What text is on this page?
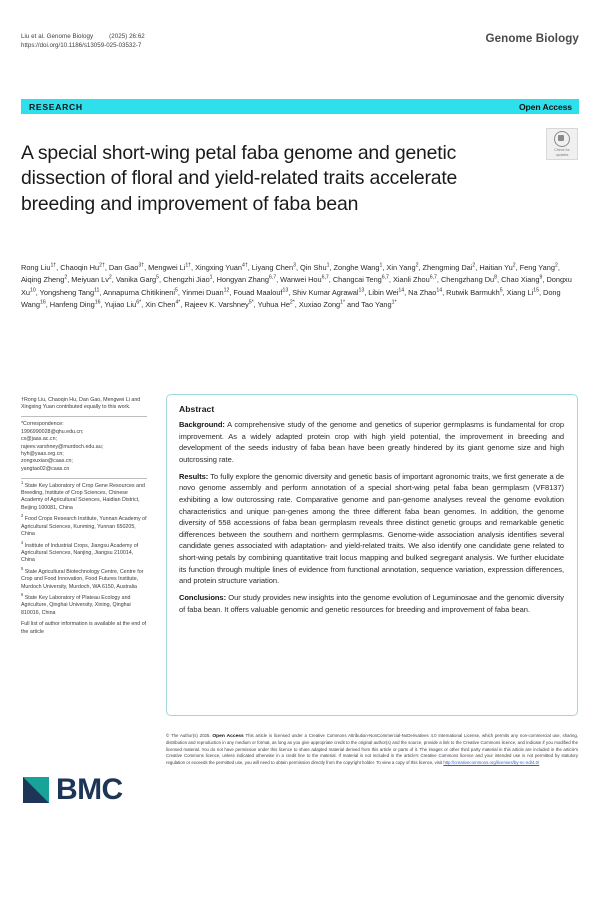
Liu et al. Genome Biology	(2025) 26:62
https://doi.org/10.1186/s13059-025-03532-7
Genome Biology
RESEARCH	Open Access
Check for
updates
A special short-wing petal faba genome and genetic dissection of floral and yield-related traits accelerate breeding and improvement of faba bean
Rong Liu$^{1\dagger}$, Chaoqin $Hu^{2\dagger}$, Dan Gao$^{3\dagger}$, Mengwei $Li^{1\dagger}$, Xingxing Yuan$^{4\dagger}$, Liyang Chen$^3$, Qin Shu$^1$, Zonghe Wang$^1$, Xin Yang$^2$, Zhengming Dai$^2$, Haitian Yu$^2$, Feng Yang$^2$, Aiqing Zheng$^2$, Meiyuan Lv$^2$, Vanika Garg$^5$, Chengzhi Jiao$^1$, Hongyan Zhang$^{6,7}$, Wanwei Hou$^{6,7}$, Changcai Teng$^{6,7}$, Xianli Zhou$^{6,7}$, Chengzhang Du$^8$, Chao Xiang$^9$, Dongxu Xu$^{10}$, Yongsheng Tang$^{11}$, Annapurna Chitikineni$^5$, Yinmei Duan$^{12}$, Fouad Maalouf$^{13}$, Shiv Kumar Agrawal$^{13}$, Libin Wei$^{14}$, Na Zhao$^{14}$, Rutwik Barmukh$^5$, Xiang Li$^{15}$, Dong Wang$^{16}$, Hanfeng Ding$^{16}$, Yujiao Liu$^{6*}$, Xin Chen$^{4*}$, Rajeev K. Varshney$^{5*}$, Yuhua $He^{2*}$, Xuxiao Zong$^{1*}$ and Tao Yang$^{1*}$
†Rong Liu, Chaoqin Hu, Dan Gao, Mengwei Li and Xingxing Yuan contributed equally to this work.
*Correspondence:
1996990028@qhu.edu.cn;
cx@jaas.ac.cn;
rajeev.varshney@murdoch.edu.au;
hyh@yaas.org.cn;
zongxuxiao@caas.cn;
yangtao02@caas.cn
$^1$ State Key Laboratory of Crop Gene Resources and Breeding, Institute of Crop Sciences, Chinese Academy of Agricultural Sciences, Haidian District, Beijing 100081, China
$^2$ Food Crops Research Institute, Yunnan Academy of Agricultural Sciences, Kunming, Yunnan 650205, China
$^4$ Institute of Industrial Crops, Jiangsu Academy of Agricultural Sciences, Nanjing, Jiangsu 210014, China
$^5$ State Agricultural Biotechnology Centre, Centre for Crop and Food Innovation, Food Futures Institute, Murdoch University, Murdoch, WA 6150, Australia
$^6$ State Key Laboratory of Plateau Ecology and Agriculture, Qinghai University, Xining, Qinghai 810016, China
Full list of author information is available at the end of the article
Abstract
Background: A comprehensive study of the genome and genetics of superior germplasms is fundamental for crop improvement. As a widely adapted protein crop with high yield potential, the improvement in breeding and development of the seeds industry of faba bean have been greatly hindered by its giant genome size and high outcrossing rate.
Results: To fully explore the genomic diversity and genetic basis of important agronomic traits, we first generate a de novo genome assembly and perform annotation of a special short-wing petal faba bean germplasm (VF8137) exhibiting a low outcrossing rate. Comparative genome and pan-genome analyses reveal the genome evolution characteristics and unique pan-genes among the three different faba bean genomes. In addition, the genome diversity of 558 accessions of faba bean germplasm reveals three distinct genetic groups and remarkable genetic differences between the southern and northern germplasms. Genome-wide association analysis identifies several candidate genes associated with adaptation- and yield-related traits. We also identify one candidate gene related to short-wing petals by combining quantitative trait locus mapping and bulked segregant analysis. We further elucidate its function through multiple lines of evidence from functional annotation, sequence variation, expression differences, and protein structure variation.
Conclusions: Our study provides new insights into the genome evolution of Leguminosae and the genomic diversity of faba bean. It offers valuable genomic and genetic resources for breeding and improvement of faba bean.
© The Author(s) 2025. Open Access This article is licensed under a Creative Commons Attribution-NonCommercial-NoDerivatives 4.0 International License, which permits any non-commercial use, sharing, distribution and reproduction in any medium or format, as long as you give appropriate credit to the original author(s) and the source, provide a link to the Creative Commons licence, and indicate if you modified the licensed material. You do not have permission under this licence to share adapted material derived from this article or parts of it. The images or other third party material in this article are included in the article's Creative Commons licence, unless indicated otherwise in a credit line to the material. If material is not included in the article's Creative Commons licence and your intended use is not permitted by statutory regulation or exceeds the permitted use, you will need to obtain permission directly from the copyright holder. To view a copy of this licence, visit http://creativecommons.org/licenses/by-nc-nd/4.0/
BMC
